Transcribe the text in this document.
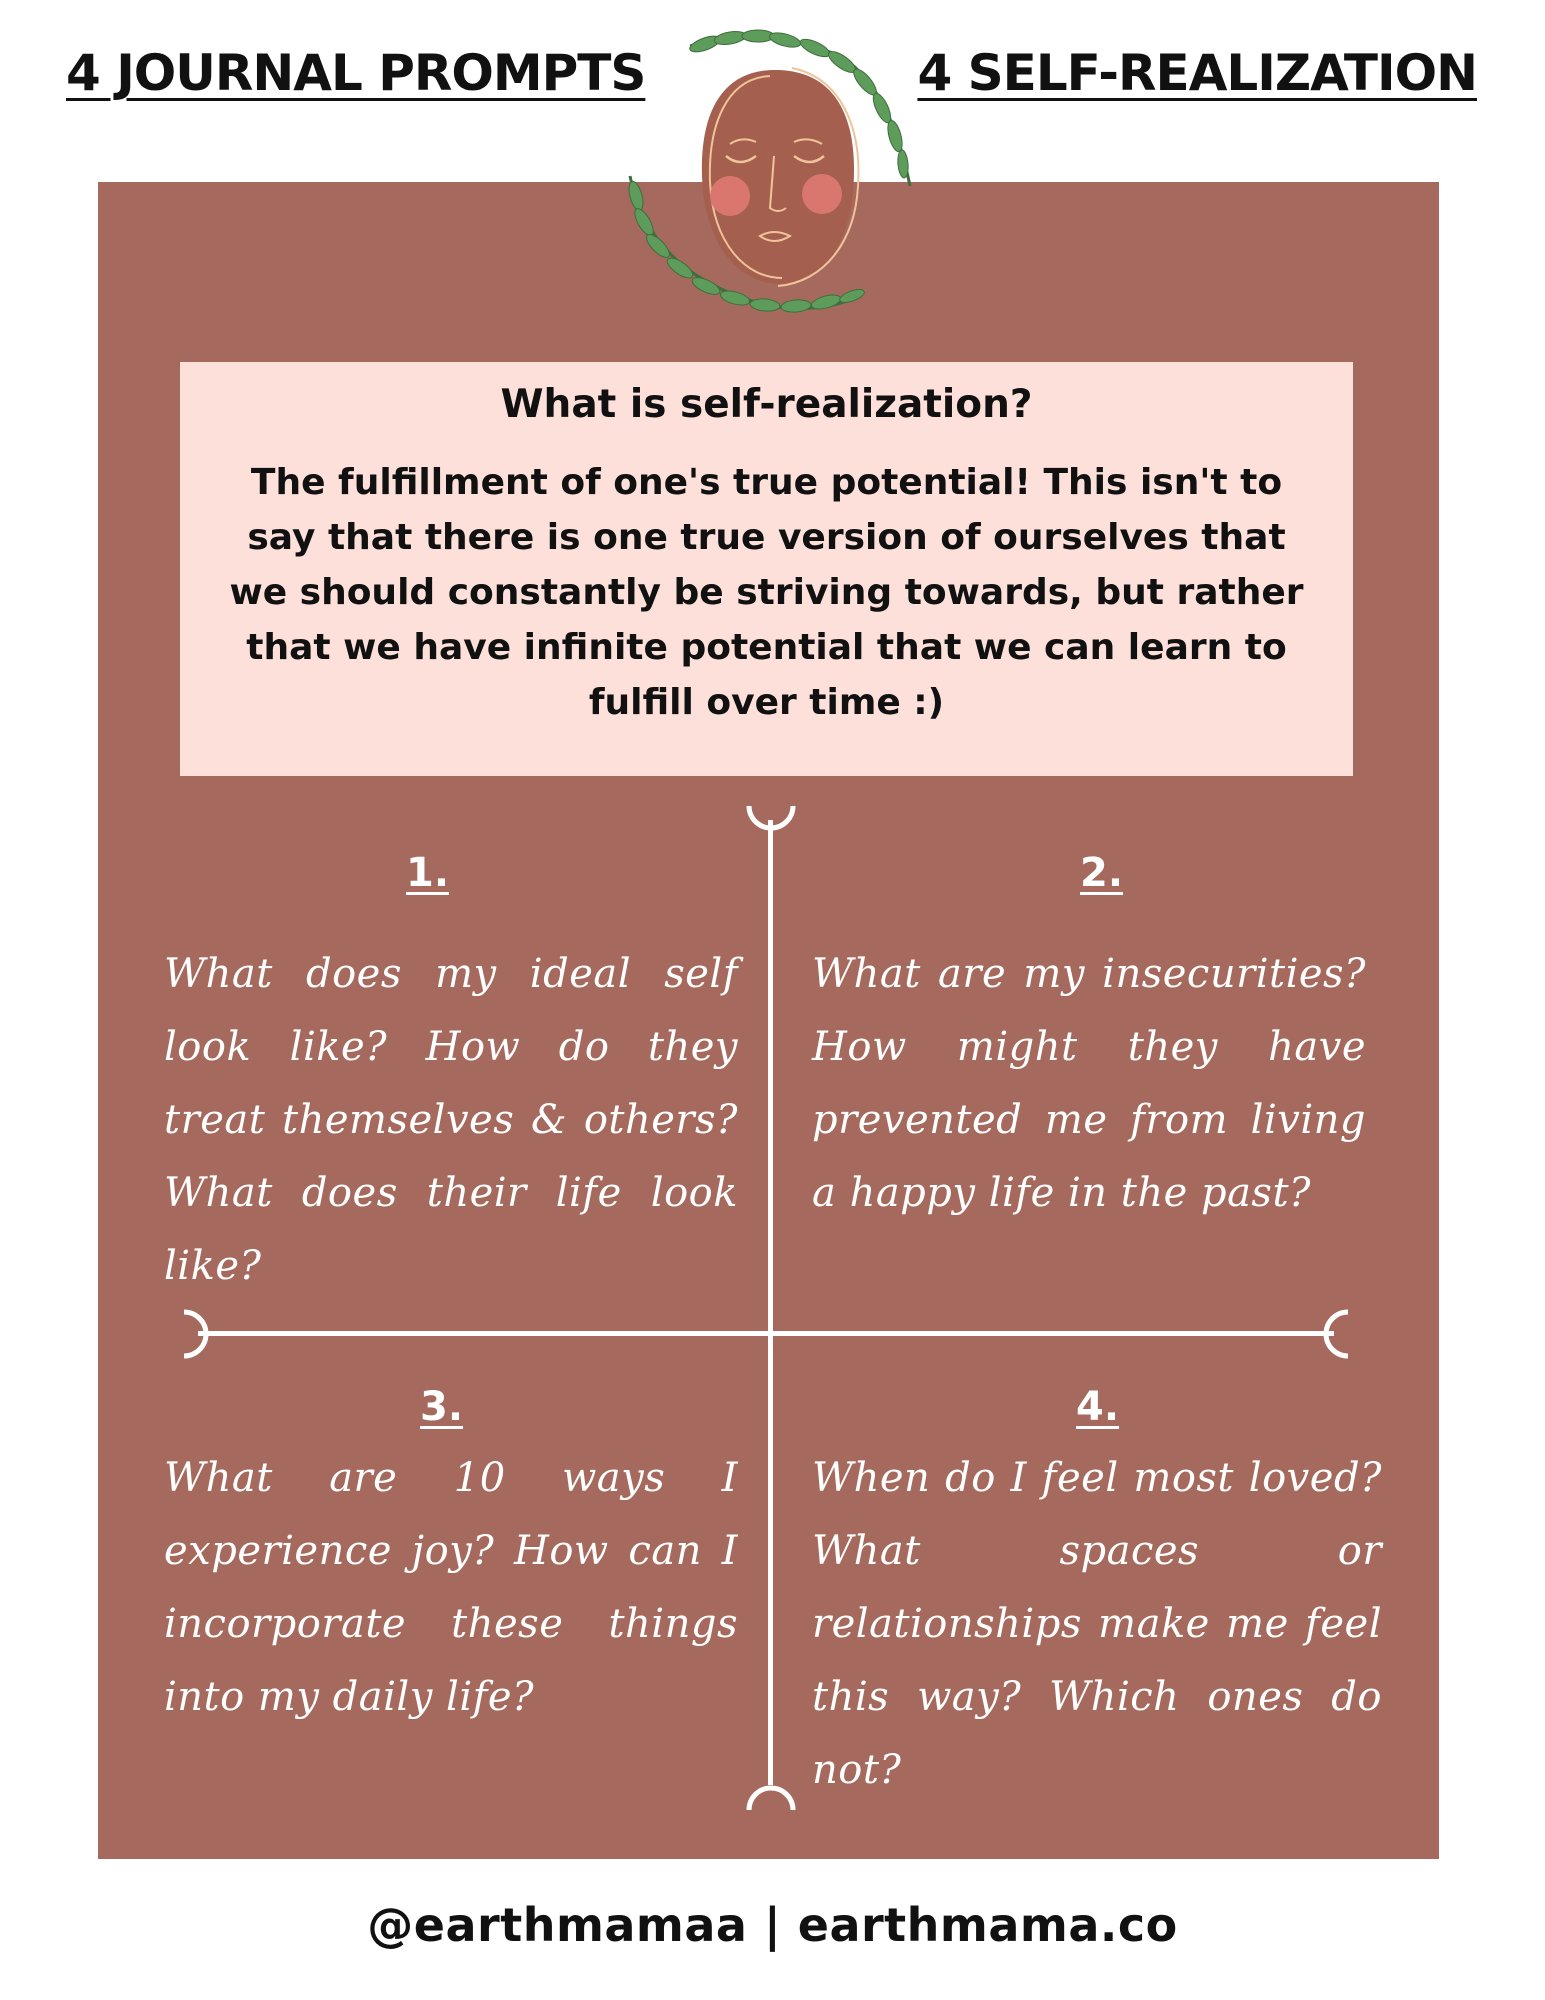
4 JOURNAL PROMPTS	4 SELF-REALIZATION

What is self-realization?

The fulfillment of one's true potential! This isn't to say that there is one true version of ourselves that we should constantly be striving towards, but rather that we have infinite potential that we can learn to fulfill over time :)

1.

What does my ideal self look like? How do they treat themselves & others? What does their life look like?

2.

What are my insecurities? How might they have prevented me from living a happy life in the past?

3.

What are 10 ways I experience joy? How can I incorporate these things into my daily life?

4.

When do I feel most loved? What spaces or relationships make me feel this way? Which ones do not?

@earthmamaa | earthmama.co
